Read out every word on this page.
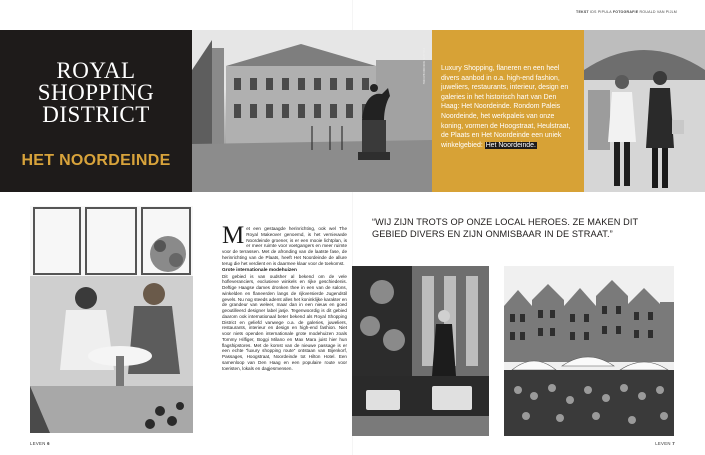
TEKST IDS PIPULA FOTOGRAFIE ROUALD VAN PIJLM
ROYAL
SHOPPING
DISTRICT
HET NOORDEINDE
PALEIS NOORDEINDE Luxury Shopping, flaneren en een heel divers aanbod in o.a. high-end fashion, juweliers, restaurants, interieur, design en galeries in het historisch hart van Den Haag: Het Noordeinde. Rondom Paleis Noordeinde, het werkpaleis van onze koning, vormen de Hoogstraat, Heulstraat, de Plaats en Het Noordeinde een uniek winkelgebied: Het Noordeinde.
M et een gestaagde herinrichting, ook wel The Royal Makeover genoemd, is het vernieuwde Noordeinde groener, is er een mooie lichtplan, is er meer ruimte voor voetgangers en meer ruimte voor de terrassen. Met de afronding van de laatste fase, de herinrichting van de Plaats, heeft Het Noordeinde de allure terug die het verdient en is daarmee klaar voor de toekomst.

Grote internationale modehuizen

Dit gebied is van oudsher al bekend om de vele hofleveranciers, exclusieve winkels en rijke geschiedenis. Deftige Haagse dames dronken thee in een van de salons, winkelden en flaneerden langs de rijkversierde Jugendstil gevels. Nu nog steeds ademt alles het koninklijke karakter en de grandeur van weleer, maar dan in een nieuw en goed geoutilleerd designer label jasje. Tegenwoordig is dit gebied daarom ook internationaal beter bekend als Royal Shopping District en geliefd vanwege o.a. de galeries, juweliers, restaurants, interieur en design en high-end fashion. Niet voor niets openden internationale grote modehuizen zoals Tommy Hilfiger, Boggi Milano en Max Mara juist hier hun flagshipstores. Met de komst van de nieuwe passage is er een echte “luxury shopping route” ontstaan van Bijenkorf, Passages, Hoogstraat, Noordeinde tot Hilton Hotel. Een samenloop van Den Haag en een populaire route voor toeristen, lokals en dagjesmensen.

“WIJ ZIJN TROTS OP ONZE LOCAL HEROES. ZE MAKEN DIT GEBIED DIVERS EN ZIJN ONMISBAAR IN DE STRAAT.”
LEVEN 6	LEVEN 7
